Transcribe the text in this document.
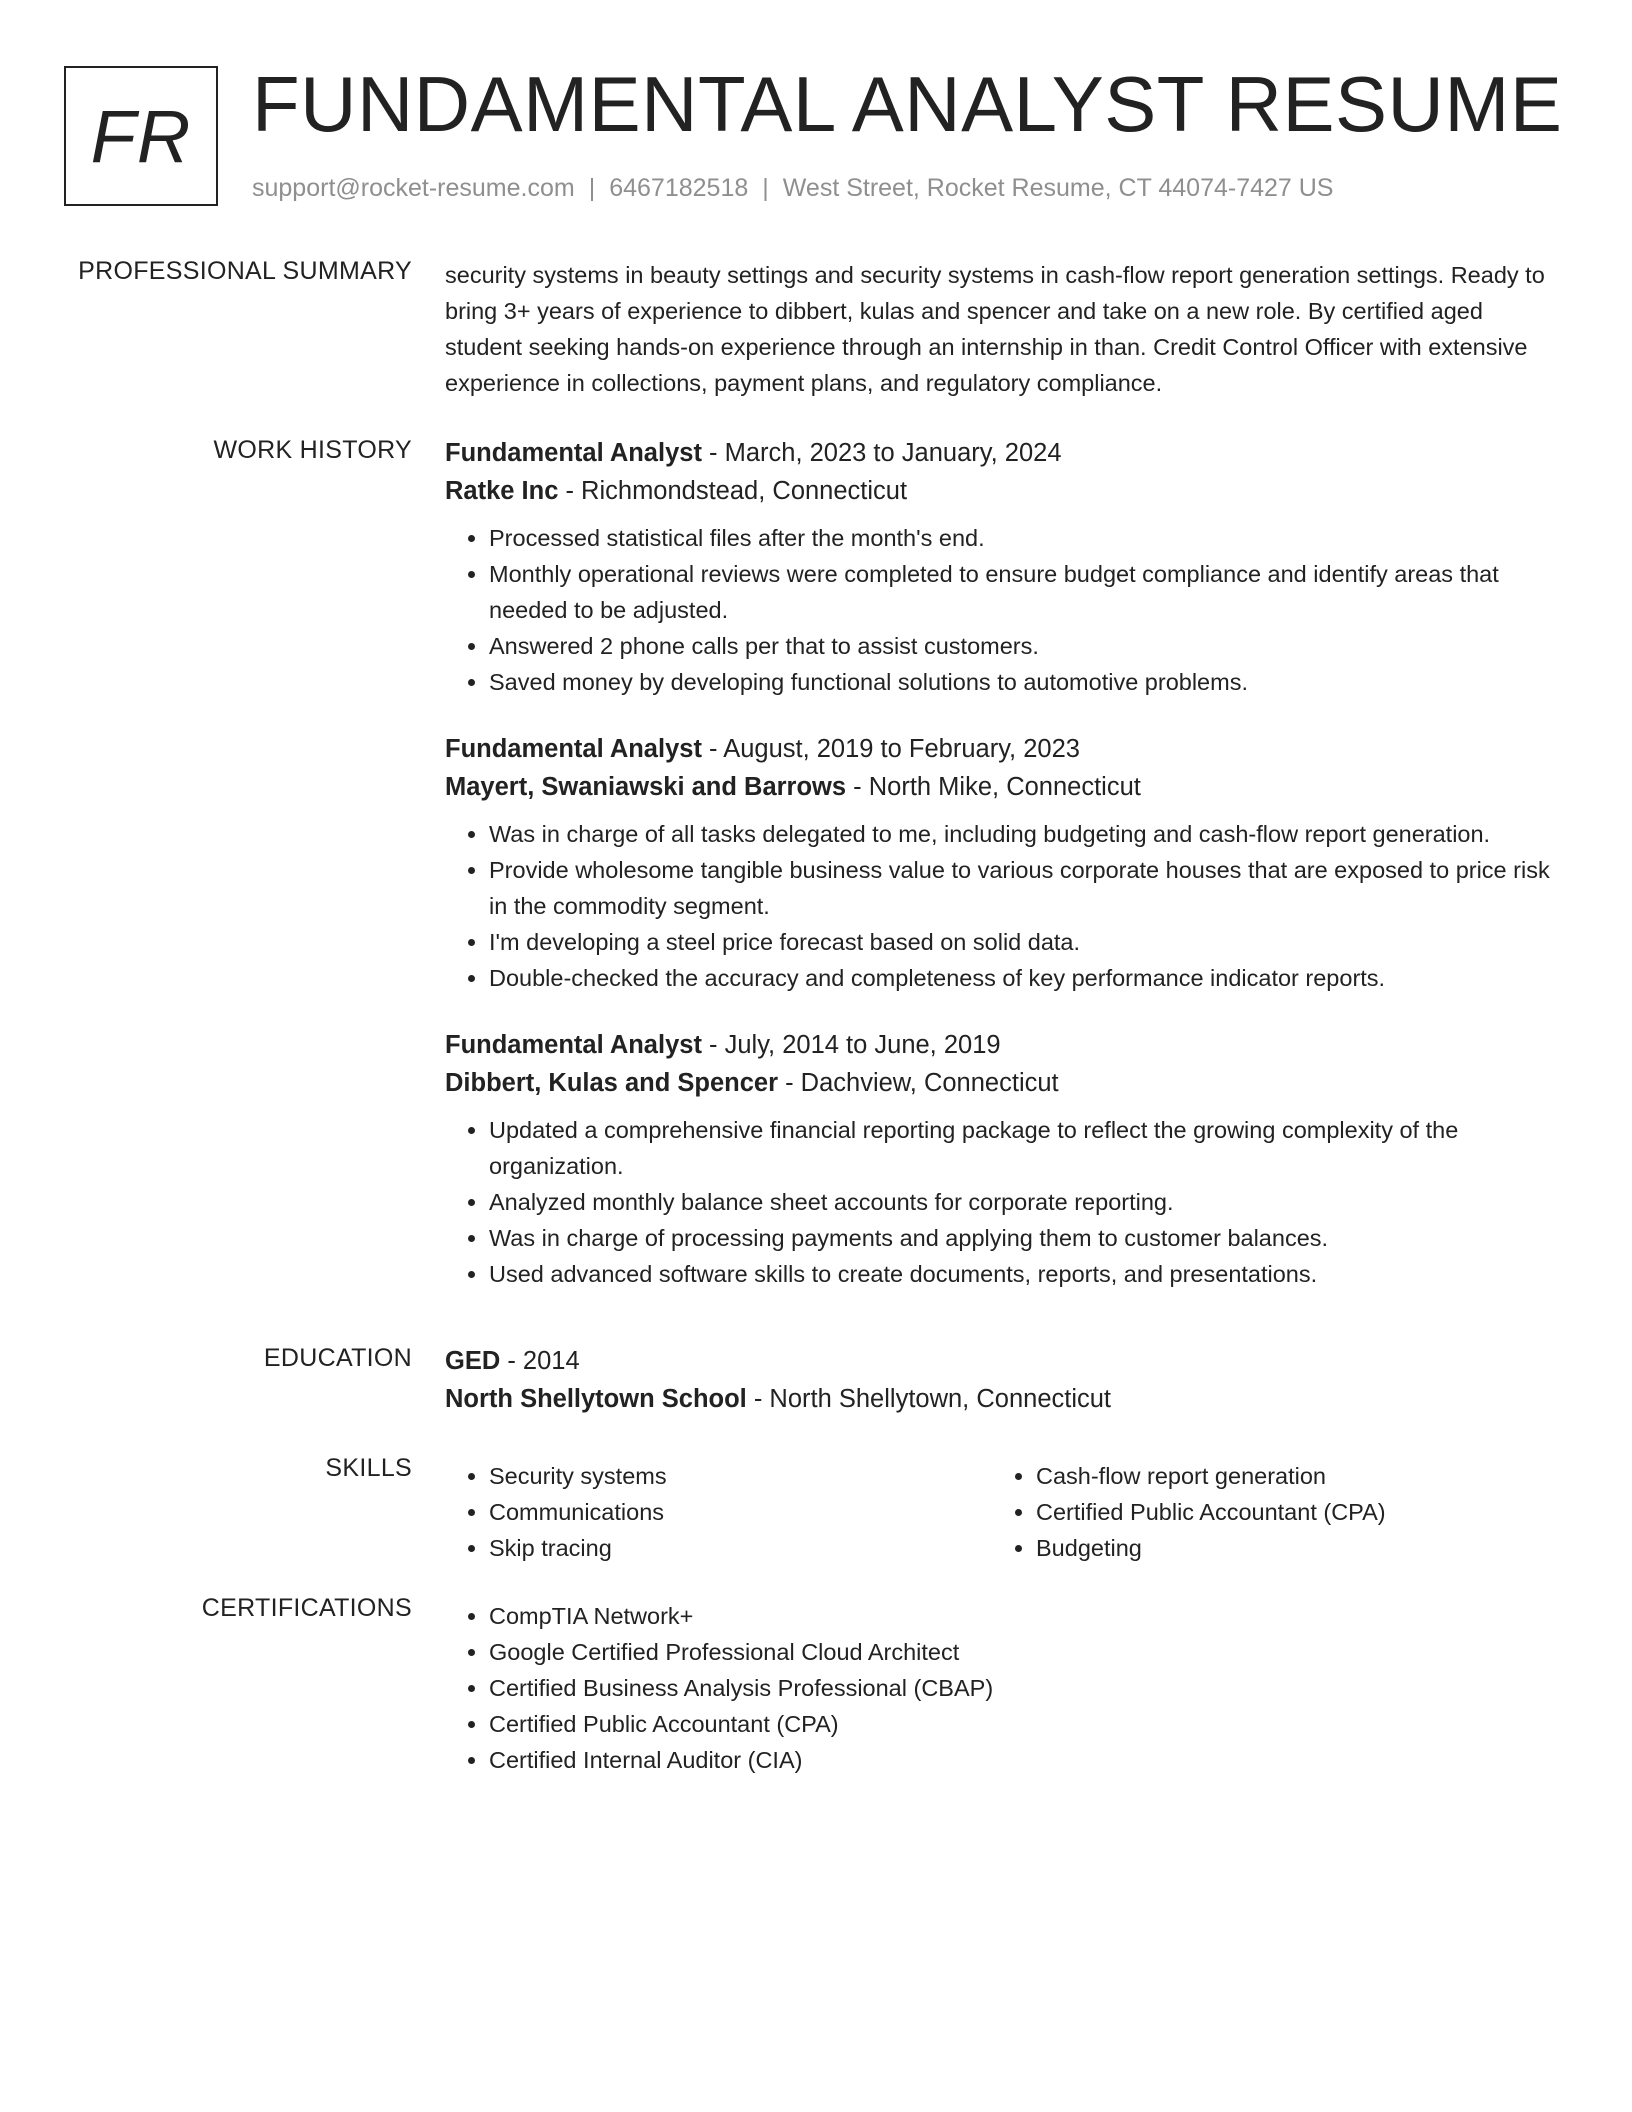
FR FUNDAMENTAL ANALYST RESUME
support@rocket-resume.com | 6467182518 | West Street, Rocket Resume, CT 44074-7427 US
PROFESSIONAL SUMMARY security systems in beauty settings and security systems in cash-flow report generation settings. Ready to bring 3+ years of experience to dibbert, kulas and spencer and take on a new role. By certified aged student seeking hands-on experience through an internship in than. Credit Control Officer with extensive experience in collections, payment plans, and regulatory compliance.

WORK HISTORY Fundamental Analyst - March, 2023 to January, 2024
Ratke Inc - Richmondstead, Connecticut
• Processed statistical files after the month's end.
• Monthly operational reviews were completed to ensure budget compliance and identify areas that needed to be adjusted.
• Answered 2 phone calls per that to assist customers.
• Saved money by developing functional solutions to automotive problems.
Fundamental Analyst - August, 2019 to February, 2023
Mayert, Swaniawski and Barrows - North Mike, Connecticut
• Was in charge of all tasks delegated to me, including budgeting and cash-flow report generation.
• Provide wholesome tangible business value to various corporate houses that are exposed to price risk in the commodity segment.
• I'm developing a steel price forecast based on solid data.
• Double-checked the accuracy and completeness of key performance indicator reports.
Fundamental Analyst - July, 2014 to June, 2019
Dibbert, Kulas and Spencer - Dachview, Connecticut
• Updated a comprehensive financial reporting package to reflect the growing complexity of the organization.
• Analyzed monthly balance sheet accounts for corporate reporting.
• Was in charge of processing payments and applying them to customer balances.
• Used advanced software skills to create documents, reports, and presentations.
EDUCATION GED - 2014
North Shellytown School - North Shellytown, Connecticut
SKILLS	• Security systems
• Communications
• Skip tracing
• Cash-flow report generation
• Certified Public Accountant (CPA)
• Budgeting
CERTIFICATIONS	• CompTIA Network+
• Google Certified Professional Cloud Architect
• Certified Business Analysis Professional (CBAP)
• Certified Public Accountant (CPA)
• Certified Internal Auditor (CIA)
